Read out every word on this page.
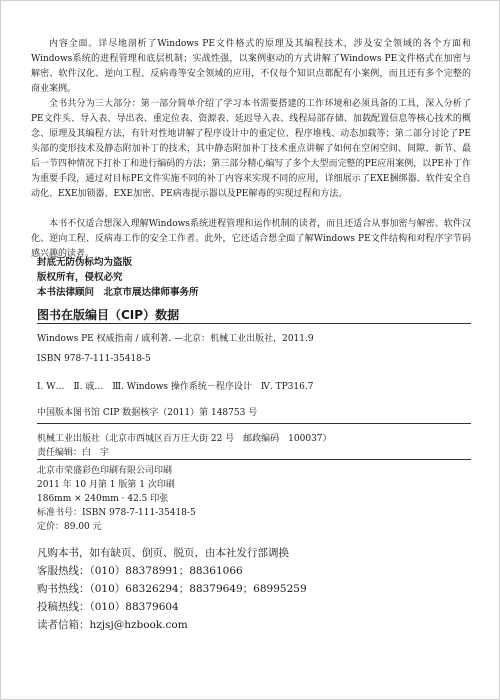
内容全面。详尽地剖析了Windows PE文件格式的原理及其编程技术，涉及安全领域的各个方面和Windows系统的进程管理和底层机制；实战性强，以案例驱动的方式讲解了Windows PE文件格式在加密与解密、软件汉化、逆向工程、反病毒等安全领域的应用，不仅每个知识点都配有小案例，而且还有多个完整的商业案例。
全书共分为三大部分：第一部分简单介绍了学习本书需要搭建的工作环境和必须具备的工具，深入分析了PE文件头、导入表、导出表、重定位表、资源表、延迟导入表、线程局部存储、加载配置信息等核心技术的概念、原理及其编程方法，有针对性地讲解了程序设计中的重定位、程序堆栈、动态加载等；第二部分讨论了PE头部的变形技术及静态附加补丁的技术，其中静态附加补丁技术重点讲解了如何在空闲空间、间隙、新节、最后一节四种情况下打补丁和进行编码的方法；第三部分精心编写了多个大型而完整的PE应用案例，以PE补丁作为重要手段，通过对目标PE文件实施不同的补丁内容来实现不同的应用，详细展示了EXE捆绑器、软件安全自动化、EXE加锁器、EXE加密、PE病毒提示器以及PE解毒的实现过程和方法。
本书不仅适合想深入理解Windows系统进程管理和运作机制的读者，而且还适合从事加密与解密、软件汉化、逆向工程、反病毒工作的安全工作者。此外，它还适合想全面了解Windows PE文件结构和对程序字节码感兴趣的读者。
封底无防伪标均为盗版
版权所有，侵权必究
本书法律顾问　北京市展达律师事务所
图书在版编目（CIP）数据
Windows PE 权威指南 / 戚利著. —北京：机械工业出版社，2011.9
ISBN 978-7-111-35418-5
Ⅰ. W…　Ⅱ. 戚…　Ⅲ. Windows 操作系统－程序设计　Ⅳ. TP316.7
中国版本图书馆 CIP 数据核字（2011）第 148753 号
机械工业出版社（北京市西城区百万庄大街 22 号　邮政编码　100037）
责任编辑：白　宇
北京市荣盛彩色印刷有限公司印刷
2011 年 10 月第 1 版第 1 次印刷
186mm × 240mm · 42.5 印张
标准书号：ISBN 978-7-111-35418-5
定价：89.00 元
凡购本书，如有缺页、倒页、脱页，由本社发行部调换
客服热线：（010）88378991；88361066
购书热线：（010）68326294；88379649；68995259
投稿热线：（010）88379604
读者信箱：hzjsj@hzbook.com
